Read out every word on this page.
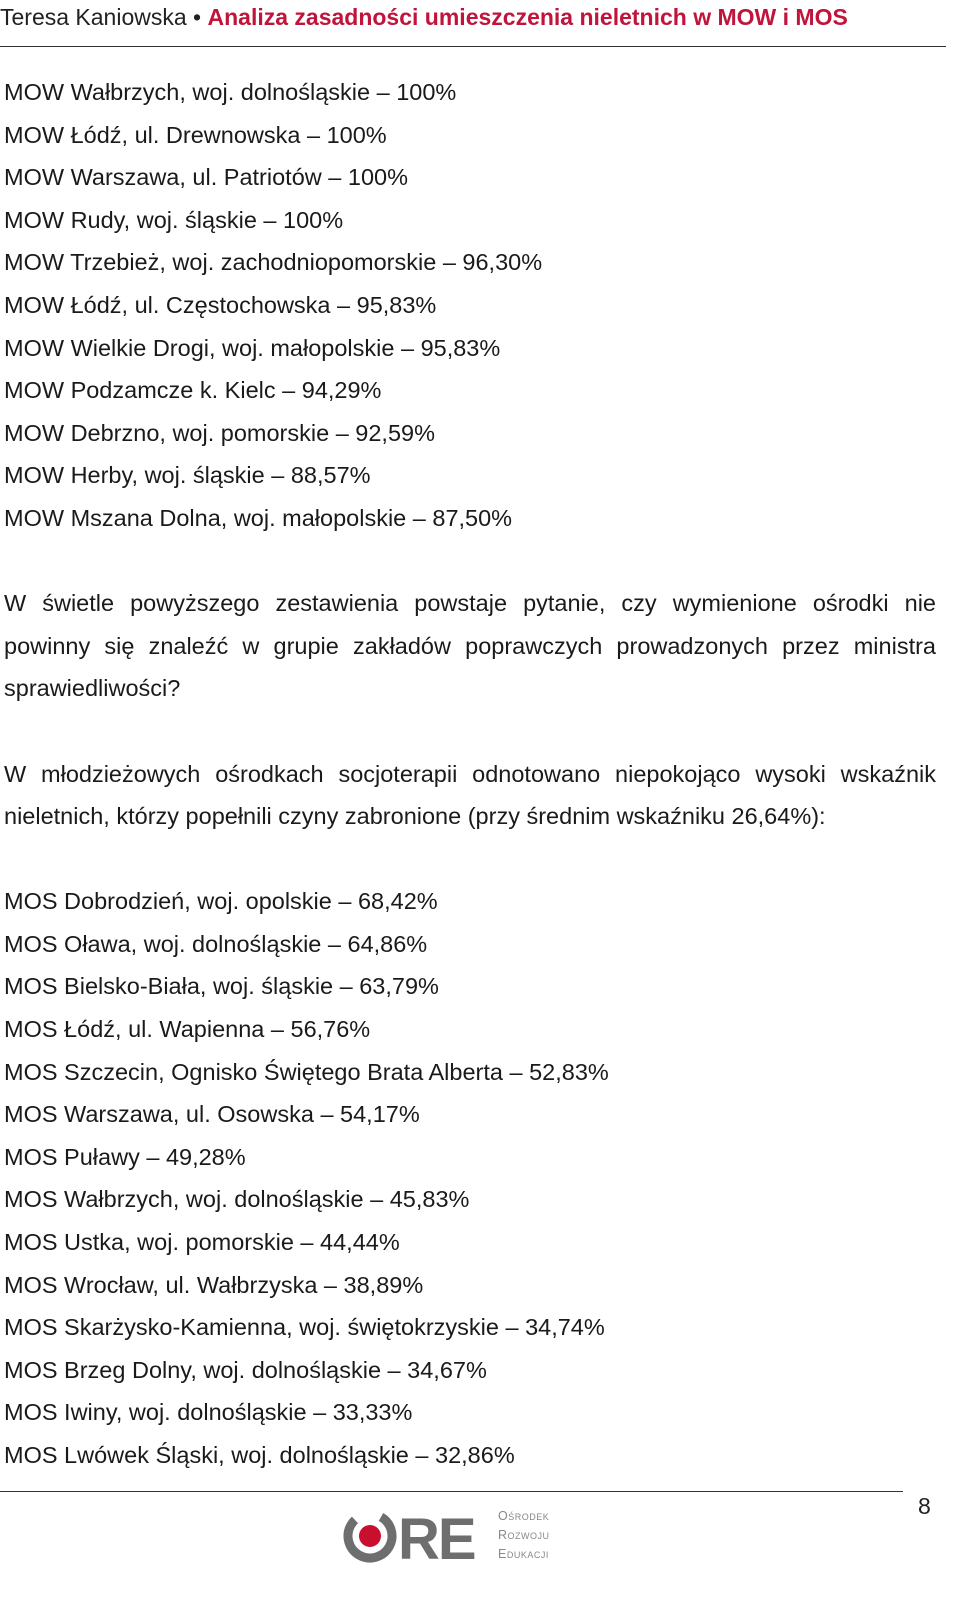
Teresa Kaniowska • Analiza zasadności umieszczenia nieletnich w MOW i MOS
MOW Wałbrzych, woj. dolnośląskie – 100%
MOW Łódź, ul. Drewnowska – 100%
MOW Warszawa, ul. Patriotów – 100%
MOW Rudy, woj. śląskie – 100%
MOW Trzebież, woj. zachodniopomorskie – 96,30%
MOW Łódź, ul. Częstochowska – 95,83%
MOW Wielkie Drogi, woj. małopolskie – 95,83%
MOW Podzamcze k. Kielc – 94,29%
MOW Debrzno, woj. pomorskie – 92,59%
MOW Herby, woj. śląskie – 88,57%
MOW Mszana Dolna, woj. małopolskie – 87,50%

W świetle powyższego zestawienia powstaje pytanie, czy wymienione ośrodki nie powinny się znaleźć w grupie zakładów poprawczych prowadzonych przez ministra sprawiedliwości?

W młodzieżowych ośrodkach socjoterapii odnotowano niepokojąco wysoki wskaźnik nieletnich, którzy popełnili czyny zabronione (przy średnim wskaźniku 26,64%):

MOS Dobrodzień, woj. opolskie – 68,42%
MOS Oława, woj. dolnośląskie – 64,86%
MOS Bielsko-Biała, woj. śląskie – 63,79%
MOS Łódź, ul. Wapienna – 56,76%
MOS Szczecin, Ognisko Świętego Brata Alberta – 52,83%
MOS Warszawa, ul. Osowska – 54,17%
MOS Puławy – 49,28%
MOS Wałbrzych, woj. dolnośląskie – 45,83%
MOS Ustka, woj. pomorskie – 44,44%
MOS Wrocław, ul. Wałbrzyska – 38,89%
MOS Skarżysko-Kamienna, woj. świętokrzyskie – 34,74%
MOS Brzeg Dolny, woj. dolnośląskie – 34,67%
MOS Iwiny, woj. dolnośląskie – 33,33%
MOS Lwówek Śląski, woj. dolnośląskie – 32,86%
8
RE Ośrodek
Rozwoju
Edukacji
